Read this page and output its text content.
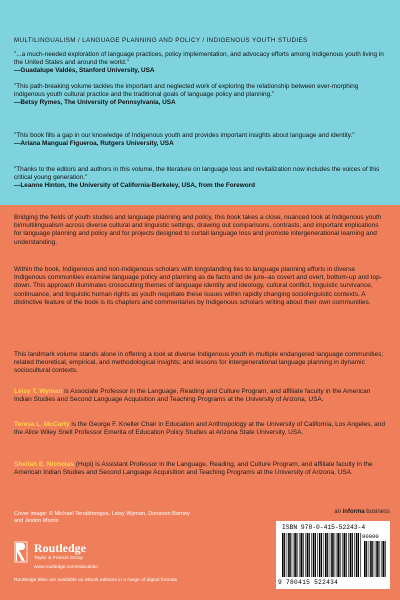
MULTILINGUALISM / LANGUAGE PLANNING AND POLICY / INDIGENOUS YOUTH STUDIES
"...a much-needed exploration of language practices, policy implementation, and advocacy efforts among Indigenous youth living in the United States and around the world."
—Guadalupe Valdés, Stanford University, USA
"This path-breaking volume tackles the important and neglected work of exploring the relationship between ever-morphing indigenous youth cultural practice and the traditional goals of language policy and planning."
—Betsy Rymes, The University of Pennsylvania, USA
"This book fills a gap in our knowledge of Indigenous youth and provides important insights about language and identity."
—Ariana Mangual Figueroa, Rutgers University, USA
"Thanks to the editors and authors in this volume, the literature on language loss and revitalization now includes the voices of this critical young generation."
—Leanne Hinton, the University of California-Berkeley, USA, from the Foreword
Bridging the fields of youth studies and language planning and policy, this book takes a close, nuanced look at Indigenous youth bi/multilingualism across diverse cultural and linguistic settings, drawing out comparisons, contrasts, and important implications for language planning and policy and for projects designed to curtail language loss and promote intergenerational learning and understanding.
Within the book, Indigenous and non-Indigenous scholars with longstanding ties to language planning efforts in diverse Indigenous communities examine language policy and planning as de facto and de jure–as covert and overt, bottom-up and top-down. This approach illuminates crosscutting themes of language identity and ideology, cultural conflict, linguistic survivance, continuance, and linguistic human rights as youth negotiate these issues within rapidly changing sociolinguistic contexts. A distinctive feature of the book is its chapters and commentaries by Indigenous scholars writing about their own communities.
This landmark volume stands alone in offering a look at diverse Indigenous youth in multiple endangered language communities; related theoretical, empirical, and methodological insights; and lessons for intergenerational language planning in dynamic sociocultural contexts.
Leisy T. Wyman is Associate Professor in the Language, Reading and Culture Program, and affiliate faculty in the American Indian Studies and Second Language Acquisition and Teaching Programs at the University of Arizona, USA.
Teresa L. McCarty is the George F. Kneller Chair in Education and Anthropology at the University of California, Los Angeles, and the Alice Wiley Snell Professor Emerita of Education Policy Studies at Arizona State University, USA.
Sheilah E. Nicholas (Hopi) is Assistant Professor in the Language, Reading, and Culture Program, and affiliate faculty in the American Indian Studies and Second Language Acquisition and Teaching Programs at the University of Arizona, USA.
Cover image: © Michael Tenakhongva, Leisy Wyman, Donavon Barney and Jeston Morris
Routledge
Taylor & Francis Group
www.routledge.com/education
Routledge titles are available as eBook editions in a range of digital formats
an informa business
ISBN 978-0-415-52243-4
90000
9 780415 522434
